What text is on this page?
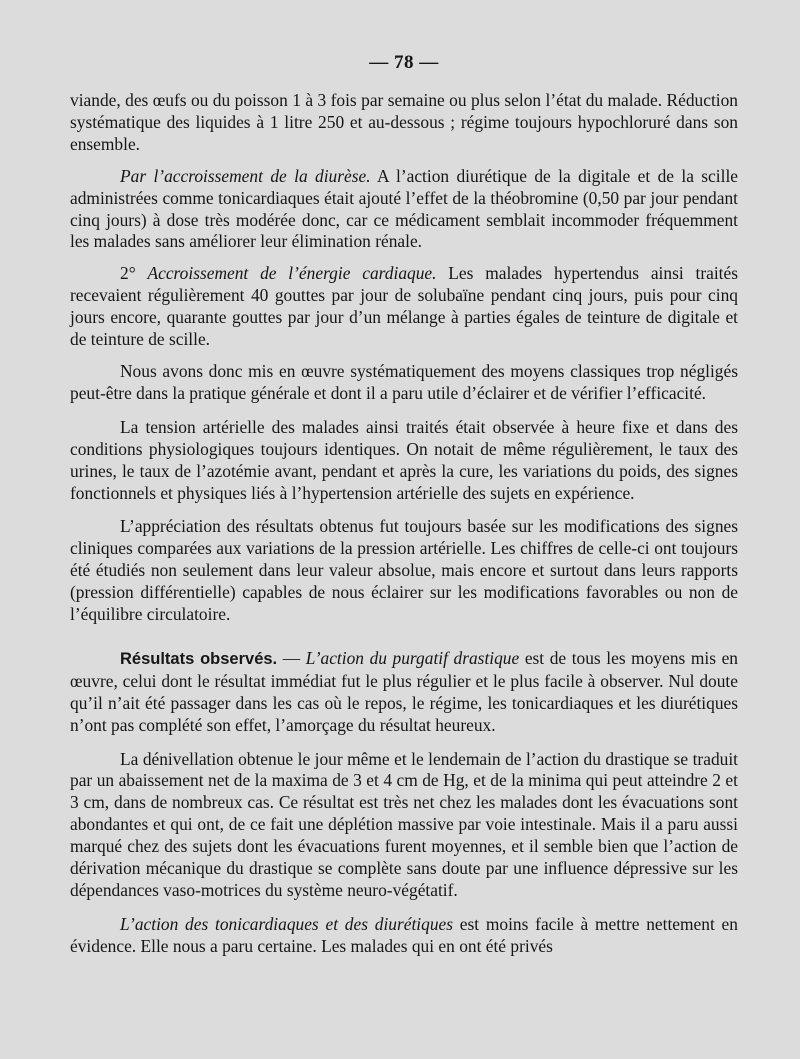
— 78 —

viande, des œufs ou du poisson 1 à 3 fois par semaine ou plus selon l’état du malade. Réduction systématique des liquides à 1 litre 250 et au-dessous ; régime toujours hypochloruré dans son ensemble.

Par l’accroissement de la diurèse. A l’action diurétique de la digitale et de la scille administrées comme tonicardiaques était ajouté l’effet de la théobromine (0,50 par jour pendant cinq jours) à dose très modérée donc, car ce médicament semblait incommoder fréquemment les malades sans améliorer leur élimination rénale.

2° Accroissement de l’énergie cardiaque. Les malades hypertendus ainsi traités recevaient régulièrement 40 gouttes par jour de solubaïne pendant cinq jours, puis pour cinq jours encore, quarante gouttes par jour d’un mélange à parties égales de teinture de digitale et de teinture de scille.

Nous avons donc mis en œuvre systématiquement des moyens classiques trop négligés peut-être dans la pratique générale et dont il a paru utile d’éclairer et de vérifier l’efficacité.

La tension artérielle des malades ainsi traités était observée à heure fixe et dans des conditions physiologiques toujours identiques. On notait de même régulièrement, le taux des urines, le taux de l’azotémie avant, pendant et après la cure, les variations du poids, des signes fonctionnels et physiques liés à l’hypertension artérielle des sujets en expérience.

L’appréciation des résultats obtenus fut toujours basée sur les modifications des signes cliniques comparées aux variations de la pression artérielle. Les chiffres de celle-ci ont toujours été étudiés non seulement dans leur valeur absolue, mais encore et surtout dans leurs rapports (pression différentielle) capables de nous éclairer sur les modifications favorables ou non de l’équilibre circulatoire.

Résultats observés. — L’action du purgatif drastique est de tous les moyens mis en œuvre, celui dont le résultat immédiat fut le plus régulier et le plus facile à observer. Nul doute qu’il n’ait été passager dans les cas où le repos, le régime, les tonicardiaques et les diurétiques n’ont pas complété son effet, l’amorçage du résultat heureux.

La dénivellation obtenue le jour même et le lendemain de l’action du drastique se traduit par un abaissement net de la maxima de 3 et 4 cm de Hg, et de la minima qui peut atteindre 2 et 3 cm, dans de nombreux cas. Ce résultat est très net chez les malades dont les évacuations sont abondantes et qui ont, de ce fait une déplétion massive par voie intestinale. Mais il a paru aussi marqué chez des sujets dont les évacuations furent moyennes, et il semble bien que l’action de dérivation mécanique du drastique se complète sans doute par une influence dépressive sur les dépendances vaso-motrices du système neuro-végétatif.

L’action des tonicardiaques et des diurétiques est moins facile à mettre nettement en évidence. Elle nous a paru certaine. Les malades qui en ont été privés
